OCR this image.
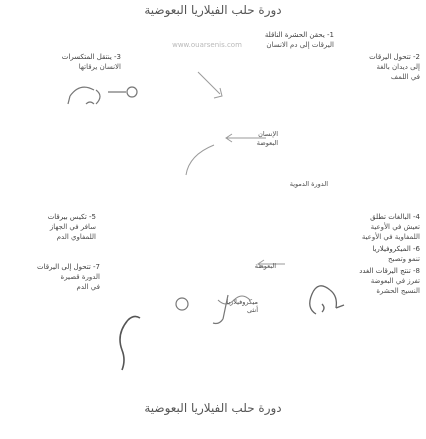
دورة حلب الفيلاريا البعوضية
www.ouarsenis.com
1- يحقن الحشرة الناقلة
اليرقات إلى دم الانسان
2- تتحول اليرقات
إلى ديدان بالغة
في اللمف
3- ينتقل المتكسرات
الانسان يرقاتها
الإنسان
البعوضة
الدورة الدموية
5- تكيس بيرقات
سافر في الجهاز
اللمفاوي الدم
4- البالغات تطلق
تعيش في الأوعية
اللمفاوية في الأوعية
6- الميكروفيلاريا
تنمو وتصبح
7- تتحول إلى اليرقات
الدورة قصيرة
في الدم
8- تنتج اليرقات الغدد
تفرز في البعوضة
النسيج الحشرة
البعوضة
ميكروفيلاريا
أنثى
دورة حلب الفيلاريا البعوضية
